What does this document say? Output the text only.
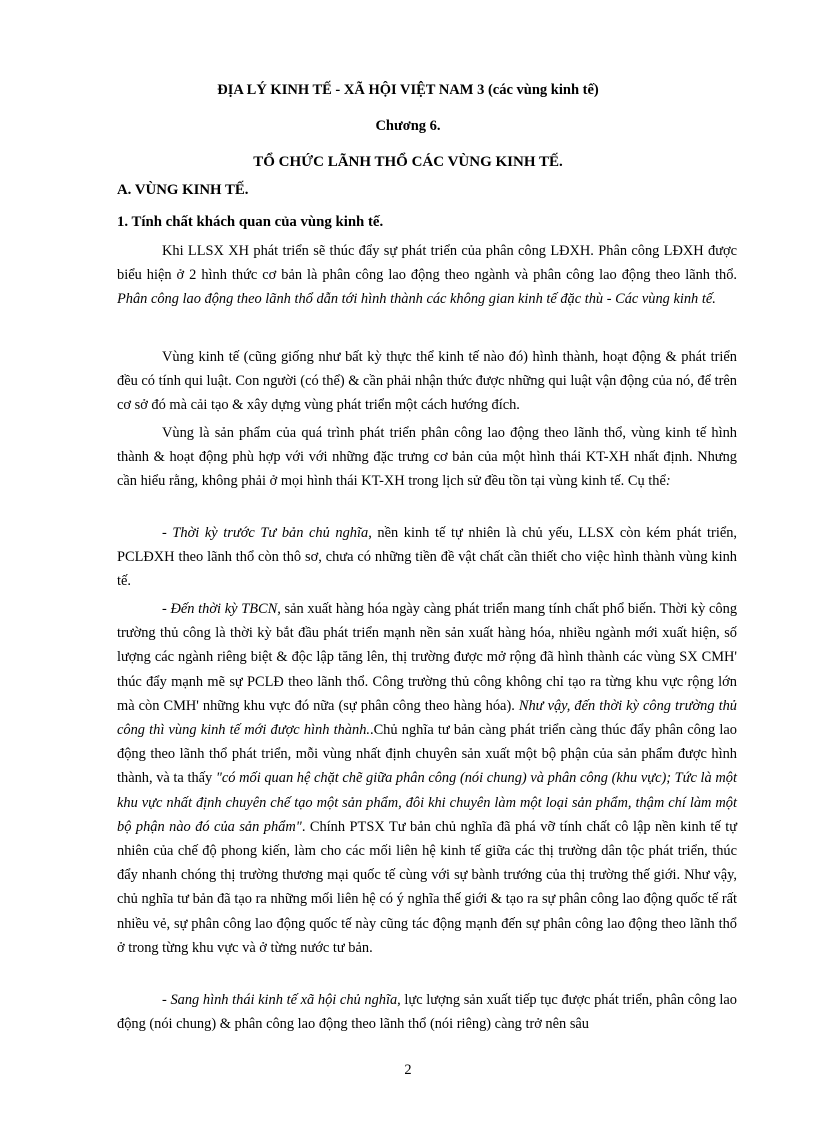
ĐỊA LÝ KINH TẾ - XÃ HỘI VIỆT NAM 3 (các vùng kinh tế)
Chương 6.
TỔ CHỨC LÃNH THỔ CÁC VÙNG KINH TẾ.
A. VÙNG KINH TẾ.
1. Tính chất khách quan của vùng kinh tế.

Khi LLSX XH phát triển sẽ thúc đẩy sự phát triển của phân công LĐXH. Phân công LĐXH được biểu hiện ở 2 hình thức cơ bản là phân công lao động theo ngành và phân công lao động theo lãnh thổ. Phân công lao động theo lãnh thổ dẫn tới hình thành các không gian kinh tế đặc thù - Các vùng kinh tế.

Vùng kinh tế (cũng giống như bất kỳ thực thể kinh tế nào đó) hình thành, hoạt động & phát triển đều có tính qui luật. Con người (có thể) & cần phải nhận thức được những qui luật vận động của nó, để trên cơ sở đó mà cải tạo & xây dựng vùng phát triển một cách hướng đích.

Vùng là sản phẩm của quá trình phát triển phân công lao động theo lãnh thổ, vùng kinh tế hình thành & hoạt động phù hợp với với những đặc trưng cơ bản của một hình thái KT-XH nhất định. Nhưng cần hiểu rằng, không phải ở mọi hình thái KT-XH trong lịch sử đều tồn tại vùng kinh tế. Cụ thể:

- Thời kỳ trước Tư bản chủ nghĩa, nền kinh tế tự nhiên là chủ yếu, LLSX còn kém phát triển, PCLĐXH theo lãnh thổ còn thô sơ, chưa có những tiền đề vật chất cần thiết cho việc hình thành vùng kinh tế.

- Đến thời kỳ TBCN, sản xuất hàng hóa ngày càng phát triển mang tính chất phổ biến. Thời kỳ công trường thủ công là thời kỳ bắt đầu phát triển mạnh nền sản xuất hàng hóa, nhiều ngành mới xuất hiện, số lượng các ngành riêng biệt & độc lập tăng lên, thị trường được mở rộng đã hình thành các vùng SX CMH' thúc đẩy mạnh mẽ sự PCLĐ theo lãnh thổ. Công trường thủ công không chỉ tạo ra từng khu vực rộng lớn mà còn CMH' những khu vực đó nữa (sự phân công theo hàng hóa). Như vậy, đến thời kỳ công trường thủ công thì vùng kinh tế mới được hình thành..Chủ nghĩa tư bản càng phát triển càng thúc đẩy phân công lao động theo lãnh thổ phát triển, mỗi vùng nhất định chuyên sản xuất một bộ phận của sản phẩm được hình thành, và ta thấy "có mối quan hệ chặt chẽ giữa phân công (nói chung) và phân công (khu vực); Tức là một khu vực nhất định chuyên chế tạo một sản phẩm, đôi khi chuyên làm một loại sản phẩm, thậm chí làm một bộ phận nào đó của sản phẩm". Chính PTSX Tư bản chủ nghĩa đã phá vỡ tính chất cô lập nền kinh tế tự nhiên của chế độ phong kiến, làm cho các mối liên hệ kinh tế giữa các thị trường dân tộc phát triển, thúc đẩy nhanh chóng thị trường thương mại quốc tế cùng với sự bành trướng của thị trường thế giới. Như vậy, chủ nghĩa tư bản đã tạo ra những mối liên hệ có ý nghĩa thế giới & tạo ra sự phân công lao động quốc tế rất nhiều vẻ, sự phân công lao động quốc tế này cũng tác động mạnh đến sự phân công lao động theo lãnh thổ ở trong từng khu vực và ở từng nước tư bản.

- Sang hình thái kinh tế xã hội chủ nghĩa, lực lượng sản xuất tiếp tục được phát triển, phân công lao động (nói chung) & phân công lao động theo lãnh thổ (nói riêng) càng trở nên sâu

2
